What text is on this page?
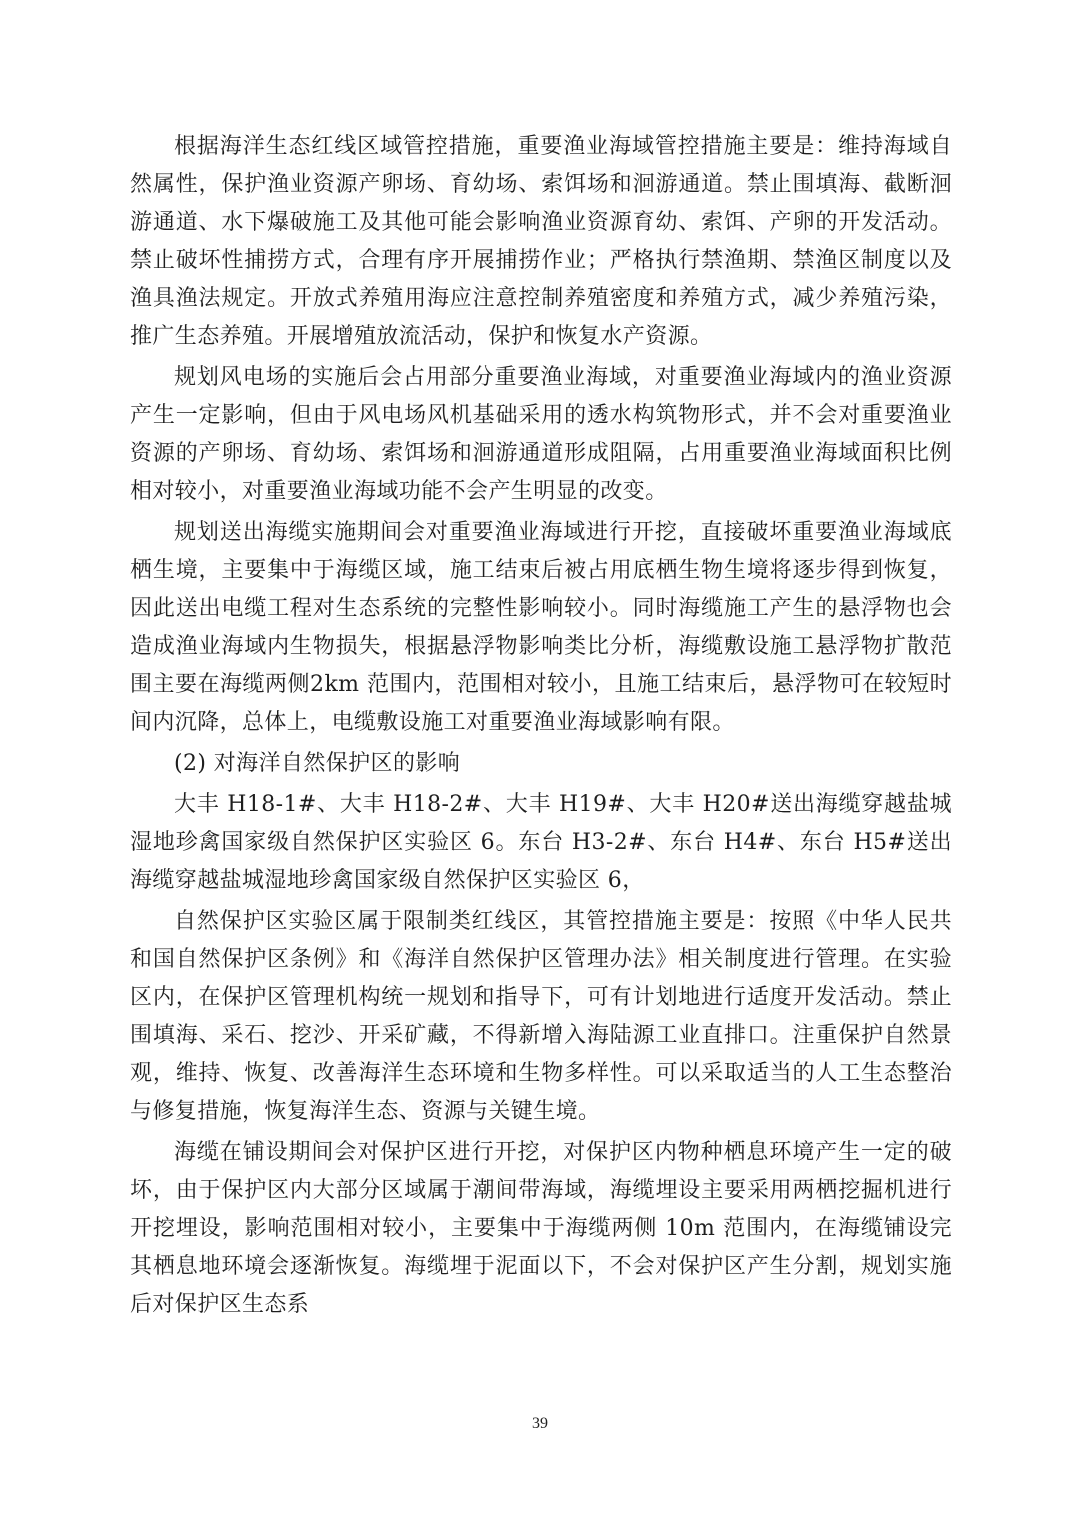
根据海洋生态红线区域管控措施，重要渔业海域管控措施主要是：维持海域自然属性，保护渔业资源产卵场、育幼场、索饵场和洄游通道。禁止围填海、截断洄游通道、水下爆破施工及其他可能会影响渔业资源育幼、索饵、产卵的开发活动。禁止破坏性捕捞方式，合理有序开展捕捞作业；严格执行禁渔期、禁渔区制度以及渔具渔法规定。开放式养殖用海应注意控制养殖密度和养殖方式，减少养殖污染，推广生态养殖。开展增殖放流活动，保护和恢复水产资源。

规划风电场的实施后会占用部分重要渔业海域，对重要渔业海域内的渔业资源产生一定影响，但由于风电场风机基础采用的透水构筑物形式，并不会对重要渔业资源的产卵场、育幼场、索饵场和洄游通道形成阻隔，占用重要渔业海域面积比例相对较小，对重要渔业海域功能不会产生明显的改变。

规划送出海缆实施期间会对重要渔业海域进行开挖，直接破坏重要渔业海域底栖生境，主要集中于海缆区域，施工结束后被占用底栖生物生境将逐步得到恢复，因此送出电缆工程对生态系统的完整性影响较小。同时海缆施工产生的悬浮物也会造成渔业海域内生物损失，根据悬浮物影响类比分析，海缆敷设施工悬浮物扩散范围主要在海缆两侧2km 范围内，范围相对较小，且施工结束后，悬浮物可在较短时间内沉降，总体上，电缆敷设施工对重要渔业海域影响有限。

(2) 对海洋自然保护区的影响

大丰 H18-1#、大丰 H18-2#、大丰 H19#、大丰 H20#送出海缆穿越盐城湿地珍禽国家级自然保护区实验区 6。东台 H3-2#、东台 H4#、东台 H5#送出海缆穿越盐城湿地珍禽国家级自然保护区实验区 6，

自然保护区实验区属于限制类红线区，其管控措施主要是：按照《中华人民共和国自然保护区条例》和《海洋自然保护区管理办法》相关制度进行管理。在实验区内，在保护区管理机构统一规划和指导下，可有计划地进行适度开发活动。禁止围填海、采石、挖沙、开采矿藏，不得新增入海陆源工业直排口。注重保护自然景观，维持、恢复、改善海洋生态环境和生物多样性。可以采取适当的人工生态整治与修复措施，恢复海洋生态、资源与关键生境。

海缆在铺设期间会对保护区进行开挖，对保护区内物种栖息环境产生一定的破坏，由于保护区内大部分区域属于潮间带海域，海缆埋设主要采用两栖挖掘机进行开挖埋设，影响范围相对较小，主要集中于海缆两侧 10m 范围内，在海缆铺设完其栖息地环境会逐渐恢复。海缆埋于泥面以下，不会对保护区产生分割，规划实施后对保护区生态系

39
